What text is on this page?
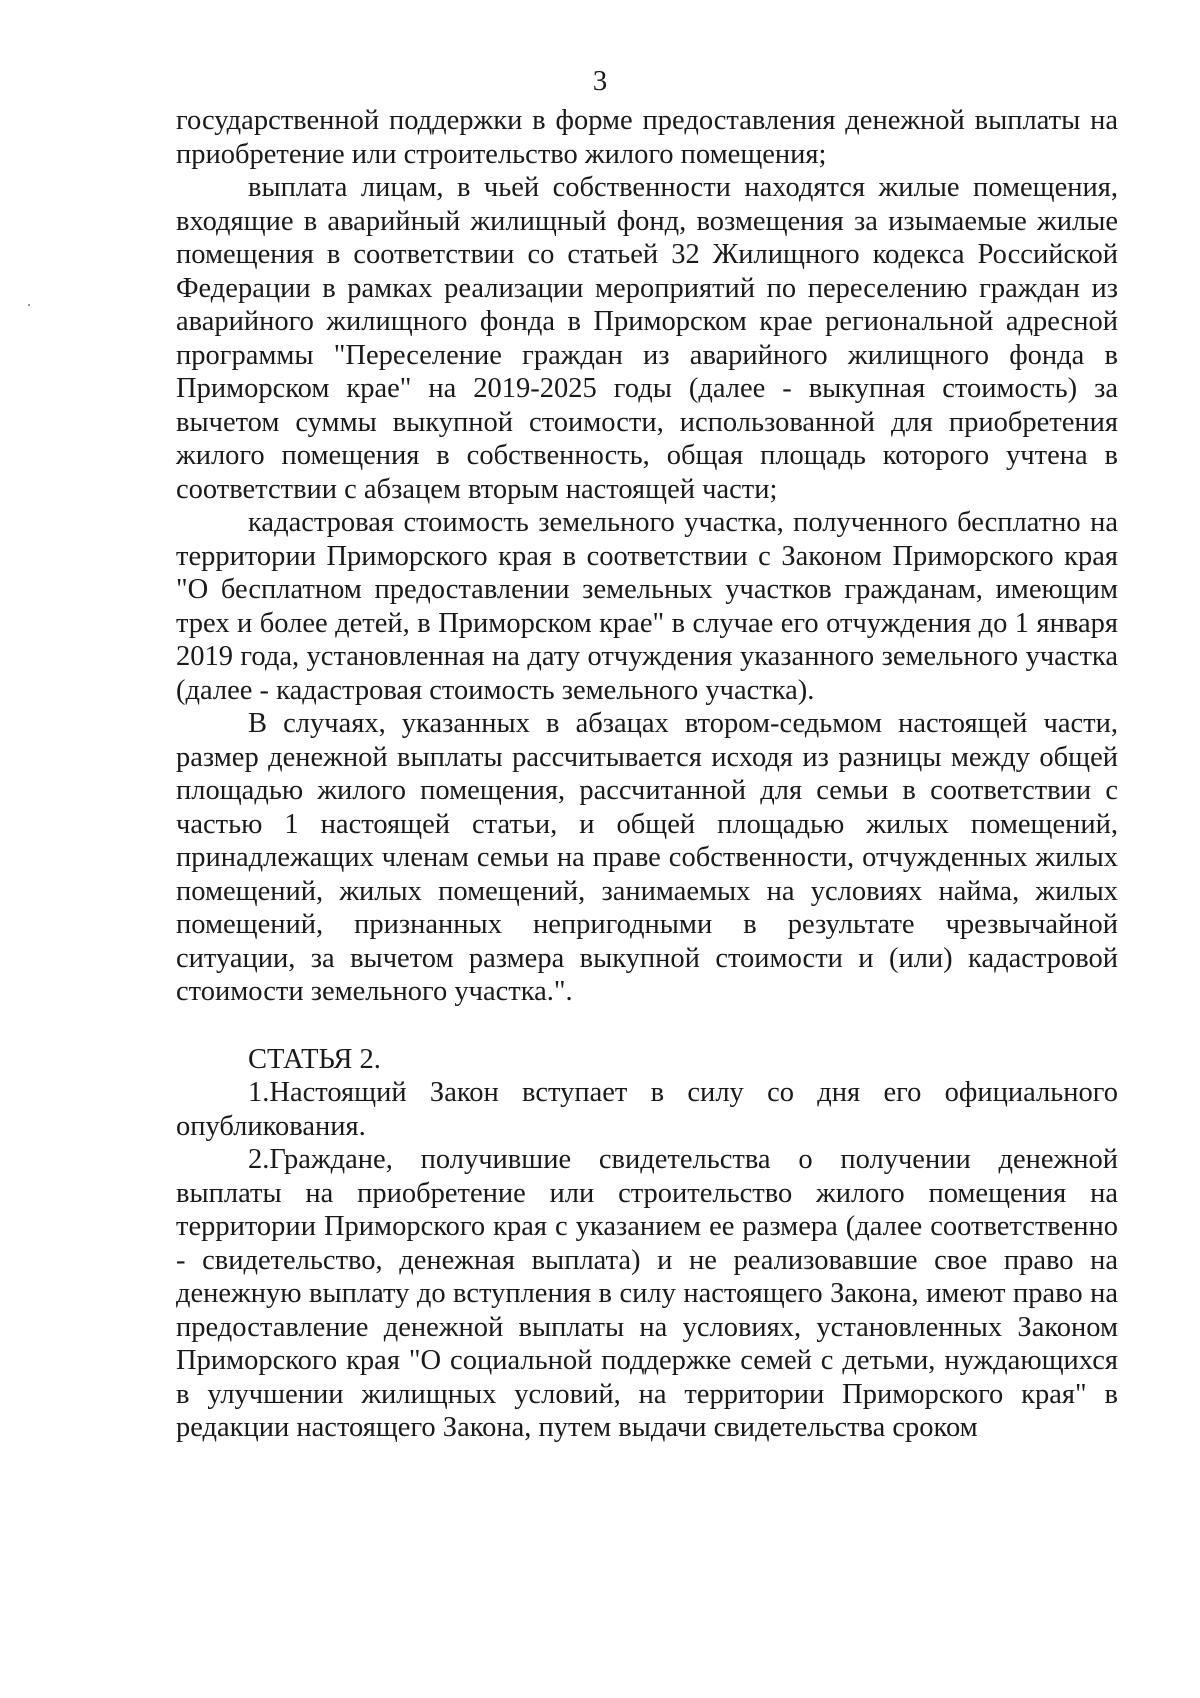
3

государственной поддержки в форме предоставления денежной выплаты на приобретение или строительство жилого помещения;

выплата лицам, в чьей собственности находятся жилые помещения, входящие в аварийный жилищный фонд, возмещения за изымаемые жилые помещения в соответствии со статьей 32 Жилищного кодекса Российской Федерации в рамках реализации мероприятий по переселению граждан из аварийного жилищного фонда в Приморском крае региональной адресной программы "Переселение граждан из аварийного жилищного фонда в Приморском крае" на 2019-2025 годы (далее - выкупная стоимость) за вычетом суммы выкупной стоимости, использованной для приобретения жилого помещения в собственность, общая площадь которого учтена в соответствии с абзацем вторым настоящей части;

кадастровая стоимость земельного участка, полученного бесплатно на территории Приморского края в соответствии с Законом Приморского края "О бесплатном предоставлении земельных участков гражданам, имеющим трех и более детей, в Приморском крае" в случае его отчуждения до 1 января 2019 года, установленная на дату отчуждения указанного земельного участка (далее - кадастровая стоимость земельного участка).

В случаях, указанных в абзацах втором-седьмом настоящей части, размер денежной выплаты рассчитывается исходя из разницы между общей площадью жилого помещения, рассчитанной для семьи в соответствии с частью 1 настоящей статьи, и общей площадью жилых помещений, принадлежащих членам семьи на праве собственности, отчужденных жилых помещений, жилых помещений, занимаемых на условиях найма, жилых помещений, признанных непригодными в результате чрезвычайной ситуации, за вычетом размера выкупной стоимости и (или) кадастровой стоимости земельного участка.".

СТАТЬЯ 2.

1.Настоящий Закон вступает в силу со дня его официального опубликования.

2.Граждане, получившие свидетельства о получении денежной выплаты на приобретение или строительство жилого помещения на территории Приморского края с указанием ее размера (далее соответственно - свидетельство, денежная выплата) и не реализовавшие свое право на денежную выплату до вступления в силу настоящего Закона, имеют право на предоставление денежной выплаты на условиях, установленных Законом Приморского края "О социальной поддержке семей с детьми, нуждающихся в улучшении жилищных условий, на территории Приморского края" в редакции настоящего Закона, путем выдачи свидетельства сроком
